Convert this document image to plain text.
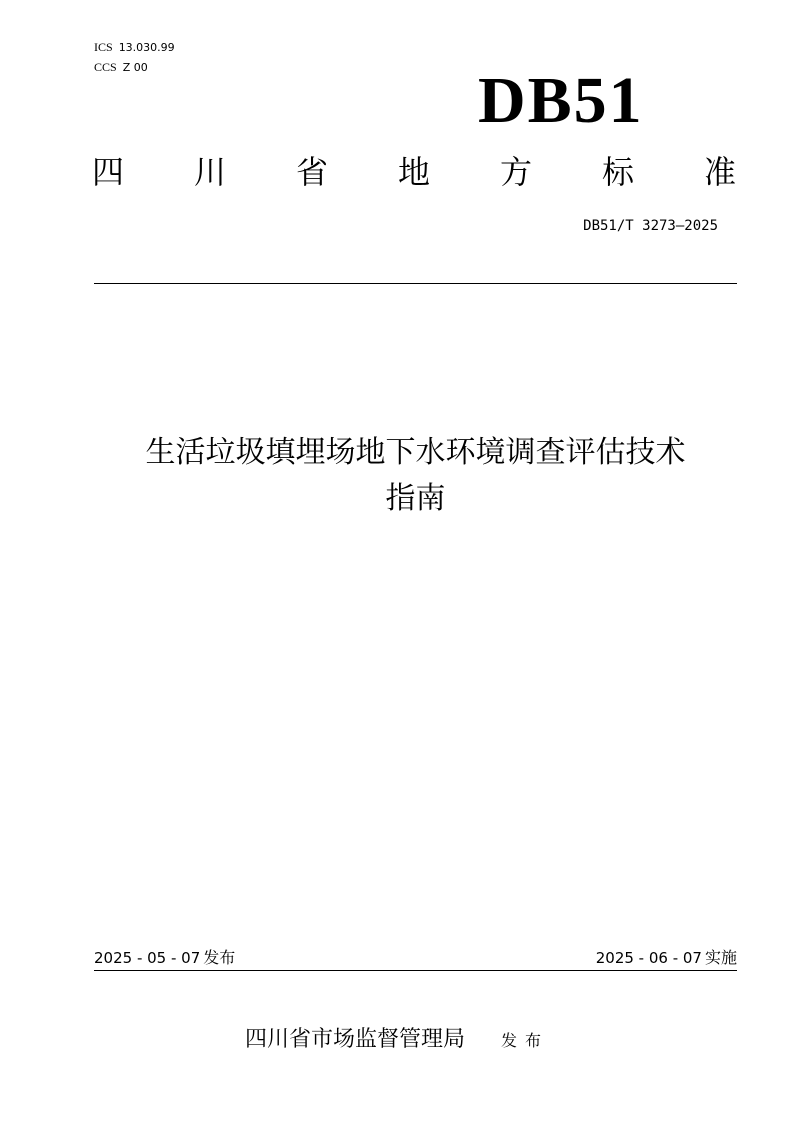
ICS 13.030.99
CCS Z 00	DB51
四 川 省 地 方 标 准
DB51/T 3273—2025
生活垃圾填埋场地下水环境调查评估技术
指南
2025 - 05 - 07 发布	2025 - 06 - 07 实施
四川省市场监督管理局 发布
